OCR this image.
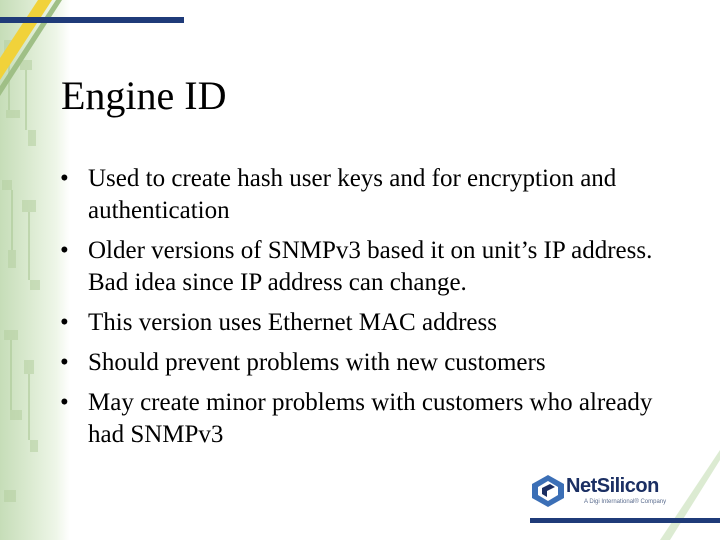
Engine ID
• Used to create hash user keys and for encryption and authentication
• Older versions of SNMPv3 based it on unit’s IP address. Bad idea since IP address can change.
• This version uses Ethernet MAC address
• Should prevent problems with new customers
• May create minor problems with customers who already had SNMPv3
NetSilicon
A Digi International® Company
